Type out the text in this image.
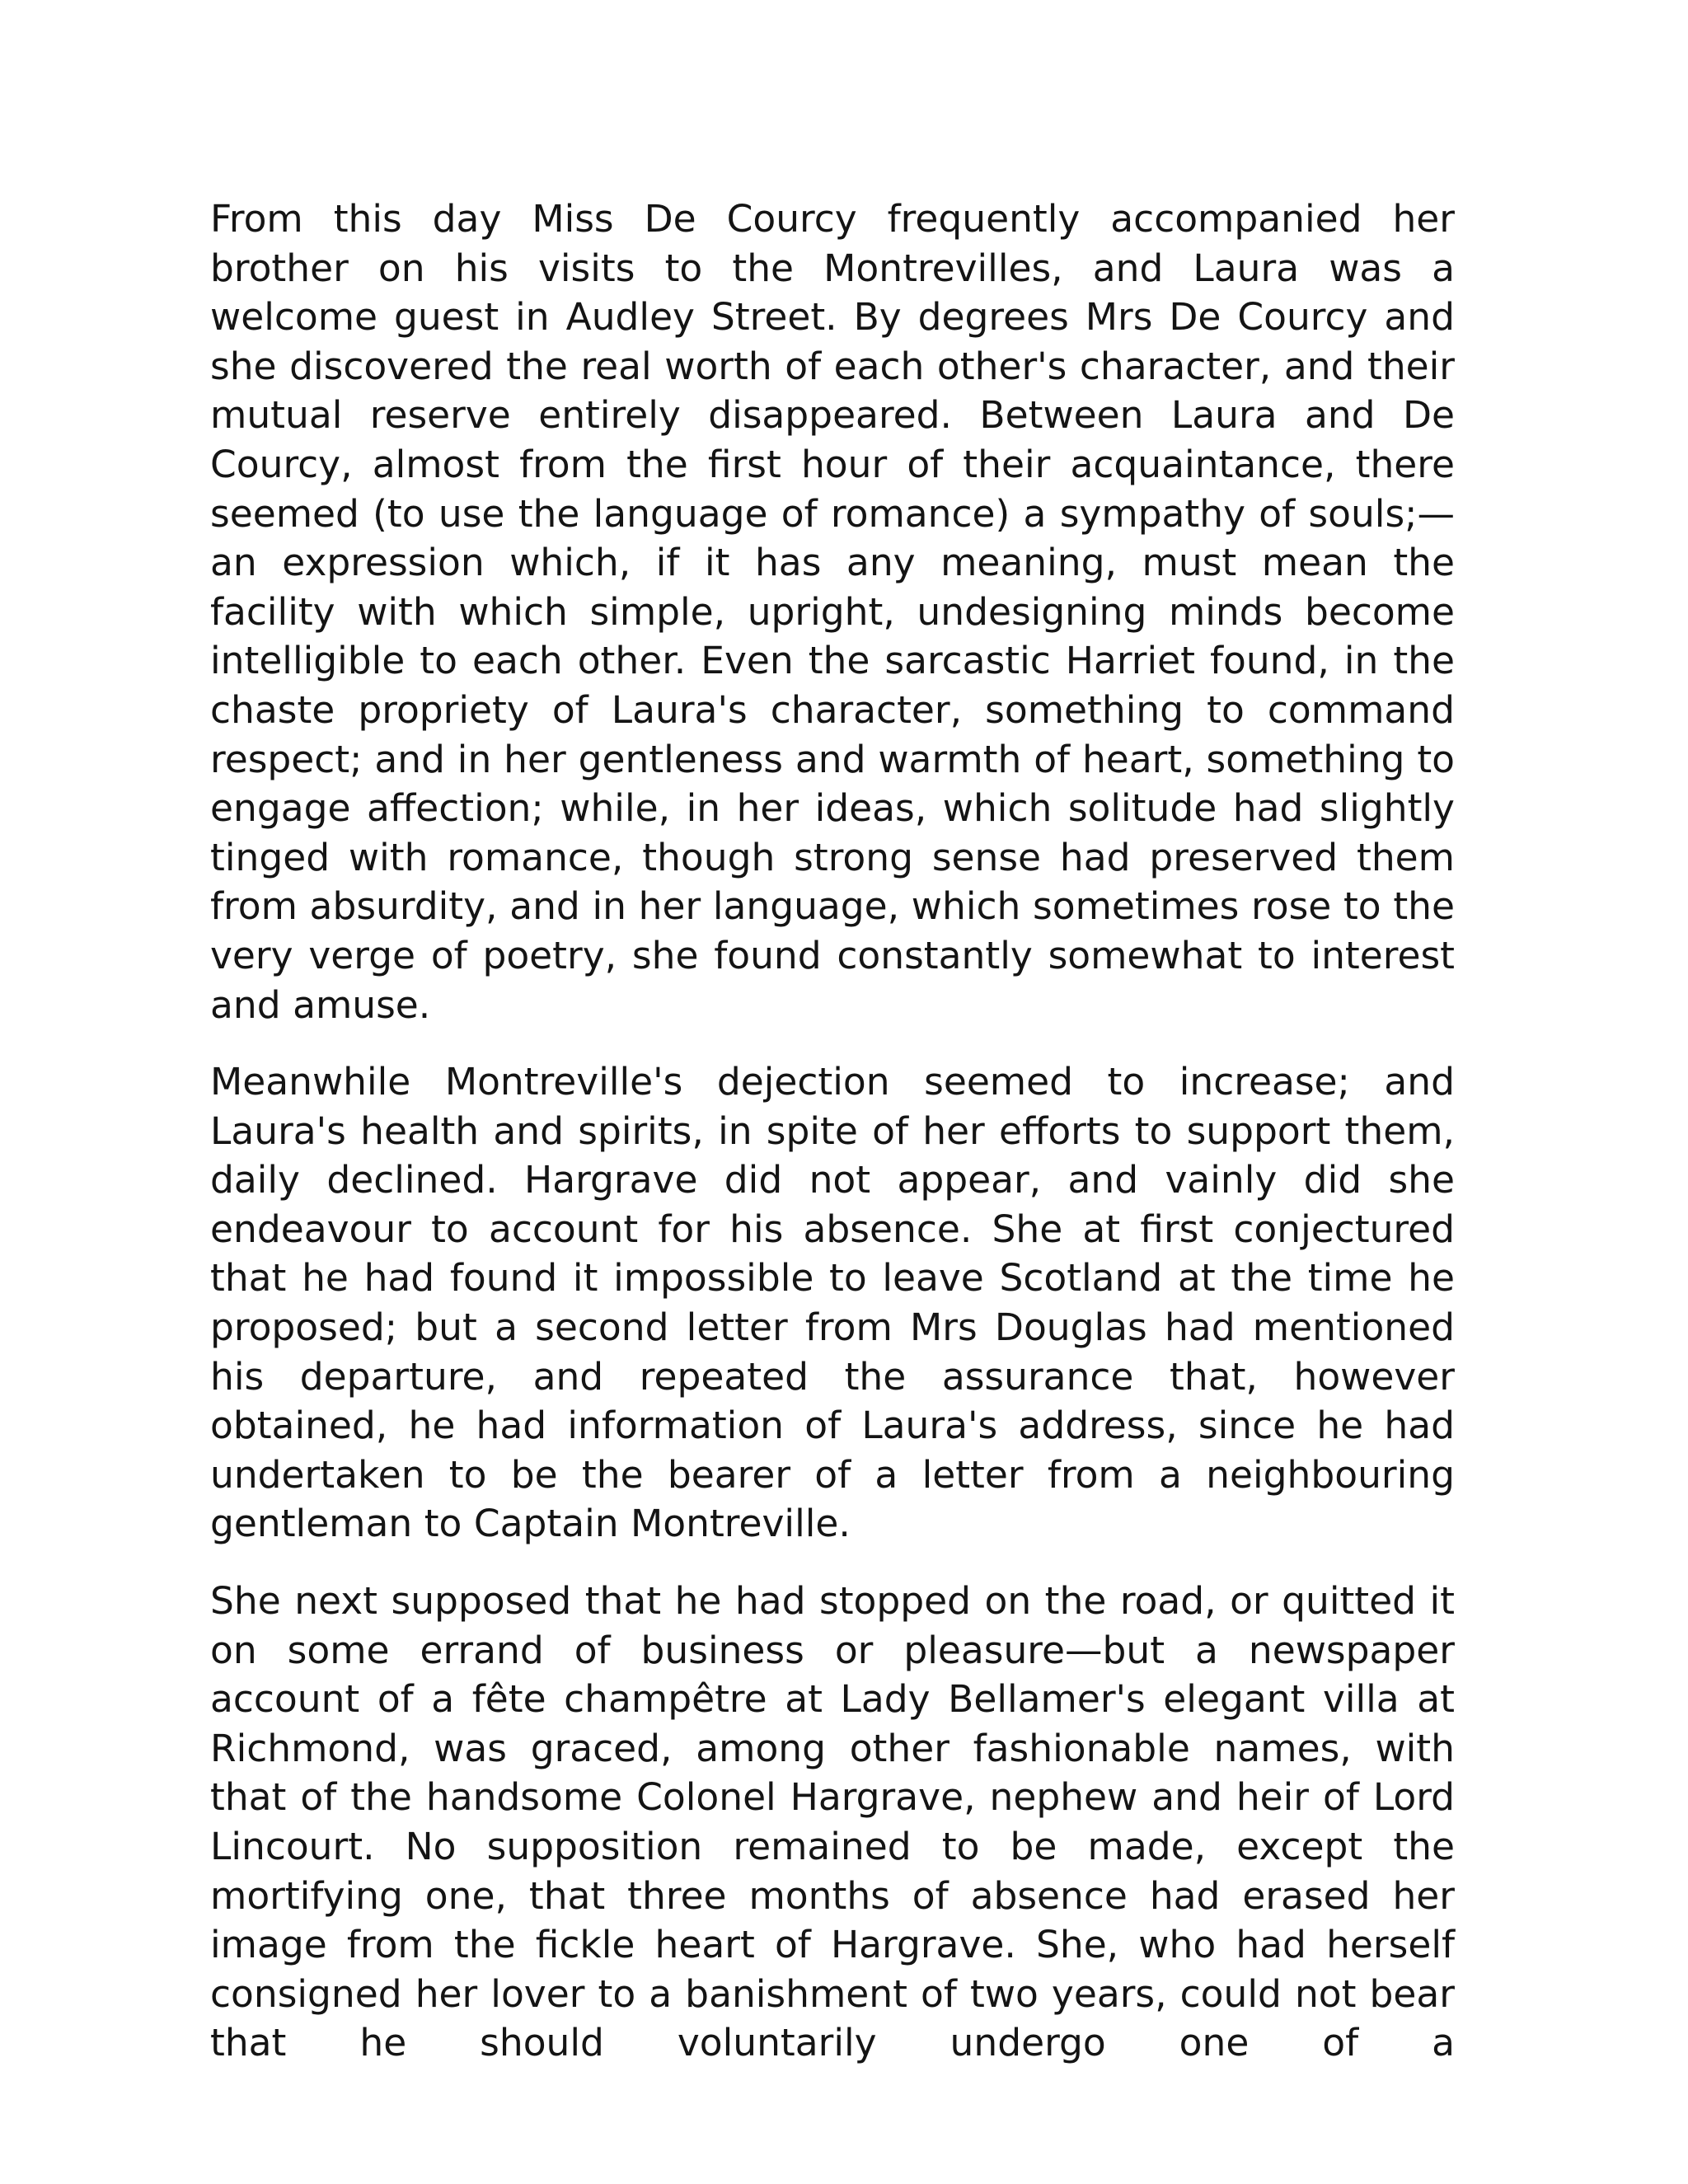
From this day Miss De Courcy frequently accompanied her brother on his visits to the Montrevilles, and Laura was a welcome guest in Audley Street. By degrees Mrs De Courcy and she discovered the real worth of each other's character, and their mutual reserve entirely disappeared. Between Laura and De Courcy, almost from the first hour of their acquaintance, there seemed (to use the language of romance) a sympathy of souls;—an expression which, if it has any meaning, must mean the facility with which simple, upright, undesigning minds become intelligible to each other. Even the sarcastic Harriet found, in the chaste propriety of Laura's character, something to command respect; and in her gentleness and warmth of heart, something to engage affection; while, in her ideas, which solitude had slightly tinged with romance, though strong sense had preserved them from absurdity, and in her language, which sometimes rose to the very verge of poetry, she found constantly somewhat to interest and amuse.

Meanwhile Montreville's dejection seemed to increase; and Laura's health and spirits, in spite of her efforts to support them, daily declined. Hargrave did not appear, and vainly did she endeavour to account for his absence. She at first conjectured that he had found it impossible to leave Scotland at the time he proposed; but a second letter from Mrs Douglas had mentioned his departure, and repeated the assurance that, however obtained, he had information of Laura's address, since he had undertaken to be the bearer of a letter from a neighbouring gentleman to Captain Montreville.

She next supposed that he had stopped on the road, or quitted it on some errand of business or pleasure—but a newspaper account of a fête champêtre at Lady Bellamer's elegant villa at Richmond, was graced, among other fashionable names, with that of the handsome Colonel Hargrave, nephew and heir of Lord Lincourt. No supposition remained to be made, except the mortifying one, that three months of absence had erased her image from the fickle heart of Hargrave. She, who had herself consigned her lover to a banishment of two years, could not bear that he should voluntarily undergo one of a
